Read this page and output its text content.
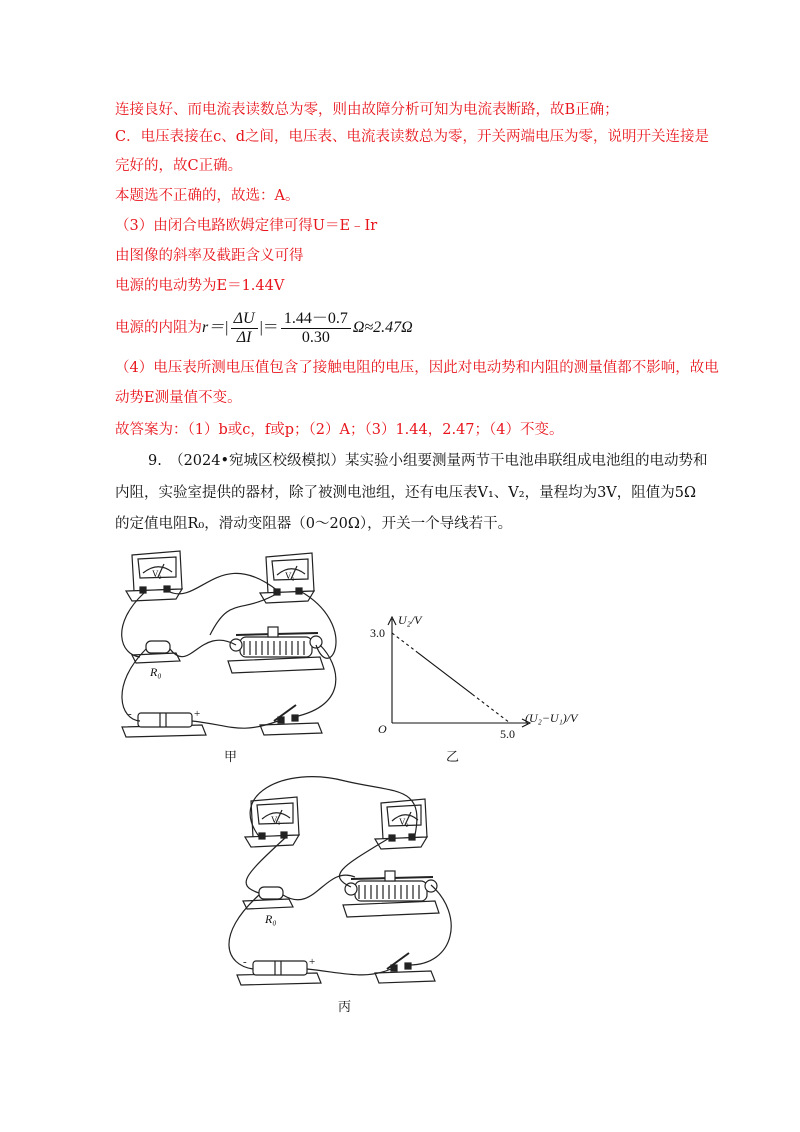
连接良好、而电流表读数总为零，则由故障分析可知为电流表断路，故B正确；
C．电压表接在c、d之间，电压表、电流表读数总为零，开关两端电压为零，说明开关连接是
完好的，故C正确。
本题选不正确的，故选：A。
（3）由闭合电路欧姆定律可得U＝E﹣Ir
由图像的斜率及截距含义可得
电源的电动势为E＝1.44V
电源的内阻为 $r=| \frac{\Delta U}{\Delta I}$ |＝ $\frac{1.44-0.7}{0.30} \Omega\approx 2.47\Omega$
（4）电压表所测电压值包含了接触电阻的电压，因此对电动势和内阻的测量值都不影响，故电
动势E测量值不变。
故答案为：（1）b或c，f或p；（2）A；（3）1.44，2.47；（4）不变。
9.　（2024•宛城区校级模拟）某实验小组要测量两节干电池串联组成电池组的电动势和
内阻，实验室提供的器材，除了被测电池组，还有电压表V₁、V₂，量程均为3V，阻值为5Ω
的定值电阻R₀，滑动变阻器（0～20Ω），开关一个导线若干。
R₀
V₂	V₁
-	+
甲
U₂/V
(U₂−U₁)/V
O
3.0
5.0
乙
R₀
V₁	V₂
-	+
丙
